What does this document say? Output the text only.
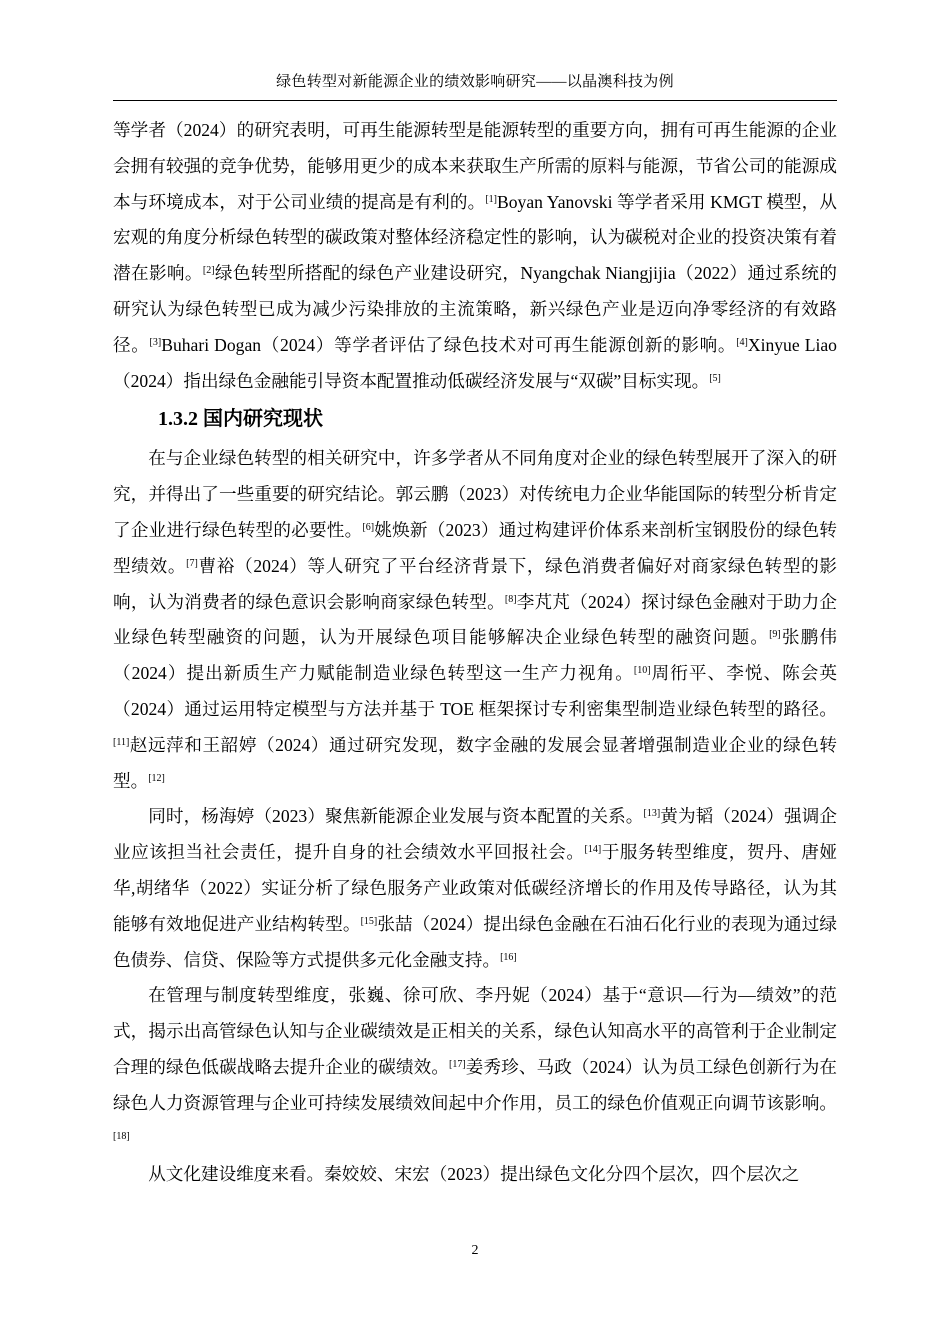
绿色转型对新能源企业的绩效影响研究——以晶澳科技为例

等学者（2024）的研究表明，可再生能源转型是能源转型的重要方向，拥有可再生能源的企业会拥有较强的竞争优势，能够用更少的成本来获取生产所需的原料与能源，节省公司的能源成本与环境成本，对于公司业绩的提高是有利的。[1]Boyan Yanovski 等学者采用 KMGT 模型，从宏观的角度分析绿色转型的碳政策对整体经济稳定性的影响，认为碳税对企业的投资决策有着潜在影响。[2]绿色转型所搭配的绿色产业建设研究，Nyangchak Niangjijia（2022）通过系统的研究认为绿色转型已成为减少污染排放的主流策略，新兴绿色产业是迈向净零经济的有效路径。[3]Buhari Dogan（2024）等学者评估了绿色技术对可再生能源创新的影响。[4]Xinyue Liao（2024）指出绿色金融能引导资本配置推动低碳经济发展与“双碳”目标实现。[5]

1.3.2 国内研究现状

在与企业绿色转型的相关研究中，许多学者从不同角度对企业的绿色转型展开了深入的研究，并得出了一些重要的研究结论。郭云鹏（2023）对传统电力企业华能国际的转型分析肯定了企业进行绿色转型的必要性。[6]姚焕新（2023）通过构建评价体系来剖析宝钢股份的绿色转型绩效。[7]曹裕（2024）等人研究了平台经济背景下，绿色消费者偏好对商家绿色转型的影响，认为消费者的绿色意识会影响商家绿色转型。[8]李芃芃（2024）探讨绿色金融对于助力企业绿色转型融资的问题，认为开展绿色项目能够解决企业绿色转型的融资问题。[9]张鹏伟（2024）提出新质生产力赋能制造业绿色转型这一生产力视角。[10]周衎平、李悦、陈会英（2024）通过运用特定模型与方法并基于 TOE 框架探讨专利密集型制造业绿色转型的路径。[11]赵远萍和王韶婷（2024）通过研究发现，数字金融的发展会显著增强制造业企业的绿色转型。[12]

同时，杨海婷（2023）聚焦新能源企业发展与资本配置的关系。[13]黄为韬（2024）强调企业应该担当社会责任，提升自身的社会绩效水平回报社会。[14]于服务转型维度，贺丹、唐娅华,胡绪华（2022）实证分析了绿色服务产业政策对低碳经济增长的作用及传导路径，认为其能够有效地促进产业结构转型。[15]张喆（2024）提出绿色金融在石油石化行业的表现为通过绿色债券、信贷、保险等方式提供多元化金融支持。[16]

在管理与制度转型维度，张巍、徐可欣、李丹妮（2024）基于“意识—行为—绩效”的范式，揭示出高管绿色认知与企业碳绩效是正相关的关系，绿色认知高水平的高管利于企业制定合理的绿色低碳战略去提升企业的碳绩效。[17]姜秀珍、马政（2024）认为员工绿色创新行为在绿色人力资源管理与企业可持续发展绩效间起中介作用，员工的绿色价值观正向调节该影响。[18]

从文化建设维度来看。秦姣姣、宋宏（2023）提出绿色文化分四个层次，四个层次之

2
